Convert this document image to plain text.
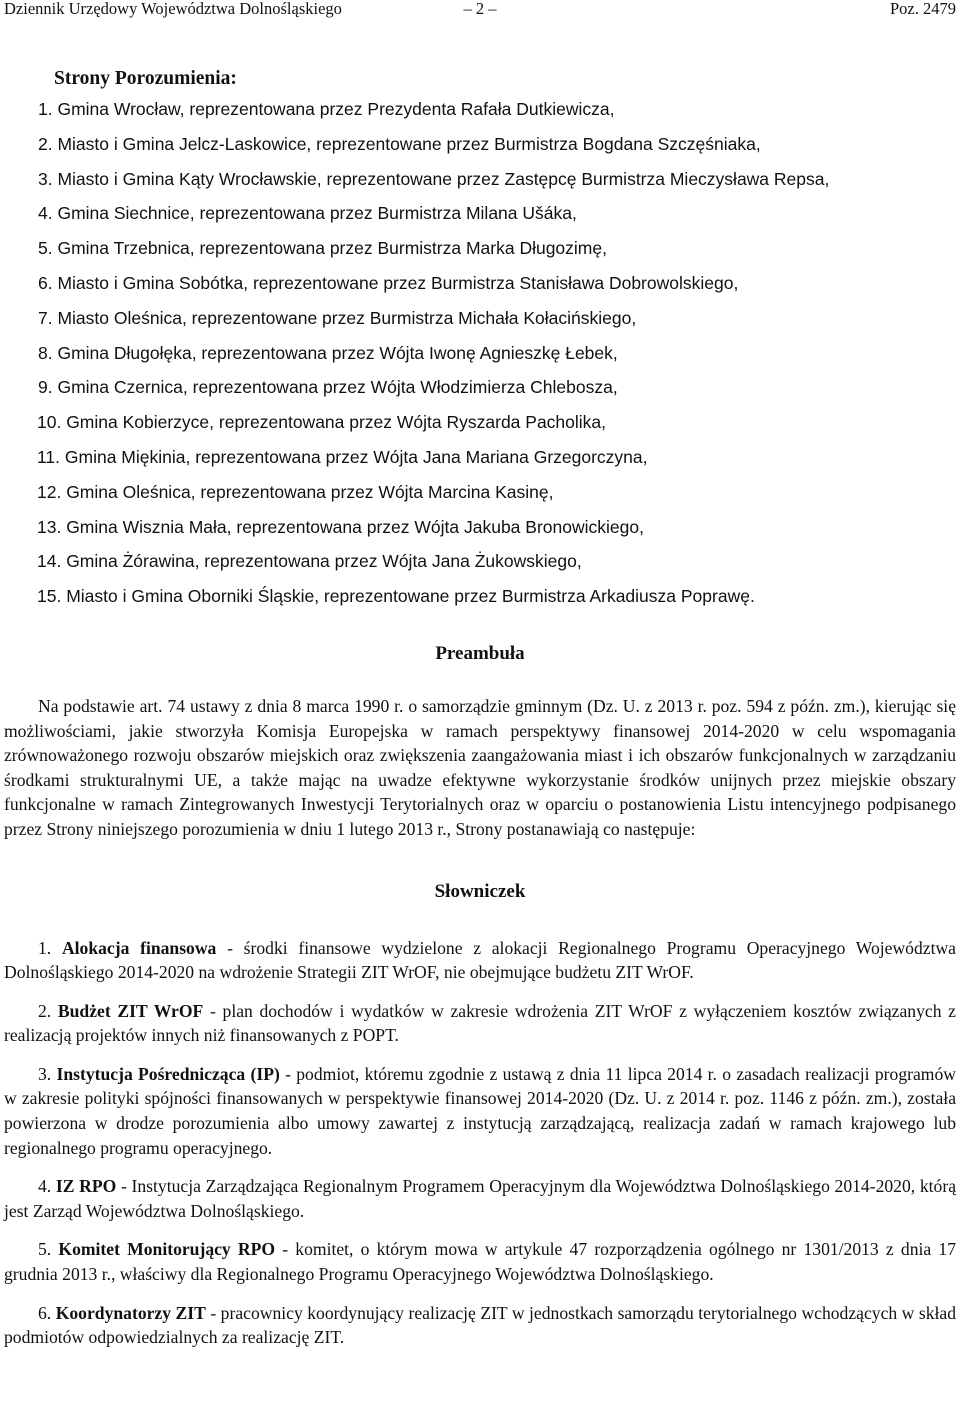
Dziennik Urzędowy Województwa Dolnośląskiego	– 2 –	Poz. 2479
Strony Porozumienia:
1. Gmina Wrocław, reprezentowana przez Prezydenta Rafała Dutkiewicza,
2. Miasto i Gmina Jelcz-Laskowice, reprezentowane przez Burmistrza Bogdana Szczęśniaka,
3. Miasto i Gmina Kąty Wrocławskie, reprezentowane przez Zastępcę Burmistrza Mieczysława Repsa,
4. Gmina Siechnice, reprezentowana przez Burmistrza Milana Ušáka,
5. Gmina Trzebnica, reprezentowana przez Burmistrza Marka Długozimę,
6. Miasto i Gmina Sobótka, reprezentowane przez Burmistrza Stanisława Dobrowolskiego,
7. Miasto Oleśnica, reprezentowane przez Burmistrza Michała Kołacińskiego,
8. Gmina Długołęka, reprezentowana przez Wójta Iwonę Agnieszkę Łebek,
9. Gmina Czernica, reprezentowana przez Wójta Włodzimierza Chlebosza,
10. Gmina Kobierzyce, reprezentowana przez Wójta Ryszarda Pacholika,
11. Gmina Miękinia, reprezentowana przez Wójta Jana Mariana Grzegorczyna,
12. Gmina Oleśnica, reprezentowana przez Wójta Marcina Kasinę,
13. Gmina Wisznia Mała, reprezentowana przez Wójta Jakuba Bronowickiego,
14. Gmina Żórawina, reprezentowana przez Wójta Jana Żukowskiego,
15. Miasto i Gmina Oborniki Śląskie, reprezentowane przez Burmistrza Arkadiusza Poprawę.
Preambuła

Na podstawie art. 74 ustawy z dnia 8 marca 1990 r. o samorządzie gminnym (Dz. U. z 2013 r. poz. 594 z późn. zm.), kierując się możliwościami, jakie stworzyła Komisja Europejska w ramach perspektywy finansowej 2014-2020 w celu wspomagania zrównoważonego rozwoju obszarów miejskich oraz zwiększenia zaangażowania miast i ich obszarów funkcjonalnych w zarządzaniu środkami strukturalnymi UE, a także mając na uwadze efektywne wykorzystanie środków unijnych przez miejskie obszary funkcjonalne w ramach Zintegrowanych Inwestycji Terytorialnych oraz w oparciu o postanowienia Listu intencyjnego podpisanego przez Strony niniejszego porozumienia w dniu 1 lutego 2013 r., Strony postanawiają co następuje:

Słowniczek

1. Alokacja finansowa - środki finansowe wydzielone z alokacji Regionalnego Programu Operacyjnego Województwa Dolnośląskiego 2014-2020 na wdrożenie Strategii ZIT WrOF, nie obejmujące budżetu ZIT WrOF.

2. Budżet ZIT WrOF - plan dochodów i wydatków w zakresie wdrożenia ZIT WrOF z wyłączeniem kosztów związanych z realizacją projektów innych niż finansowanych z POPT.

3. Instytucja Pośrednicząca (IP) - podmiot, któremu zgodnie z ustawą z dnia 11 lipca 2014 r. o zasadach realizacji programów w zakresie polityki spójności finansowanych w perspektywie finansowej 2014-2020 (Dz. U. z 2014 r. poz. 1146 z późn. zm.), została powierzona w drodze porozumienia albo umowy zawartej z instytucją zarządzającą, realizacja zadań w ramach krajowego lub regionalnego programu operacyjnego.

4. IZ RPO - Instytucja Zarządzająca Regionalnym Programem Operacyjnym dla Województwa Dolnośląskiego 2014-2020, którą jest Zarząd Województwa Dolnośląskiego.

5. Komitet Monitorujący RPO - komitet, o którym mowa w artykule 47 rozporządzenia ogólnego nr 1301/2013 z dnia 17 grudnia 2013 r., właściwy dla Regionalnego Programu Operacyjnego Województwa Dolnośląskiego.

6. Koordynatorzy ZIT - pracownicy koordynujący realizację ZIT w jednostkach samorządu terytorialnego wchodzących w skład podmiotów odpowiedzialnych za realizację ZIT.
